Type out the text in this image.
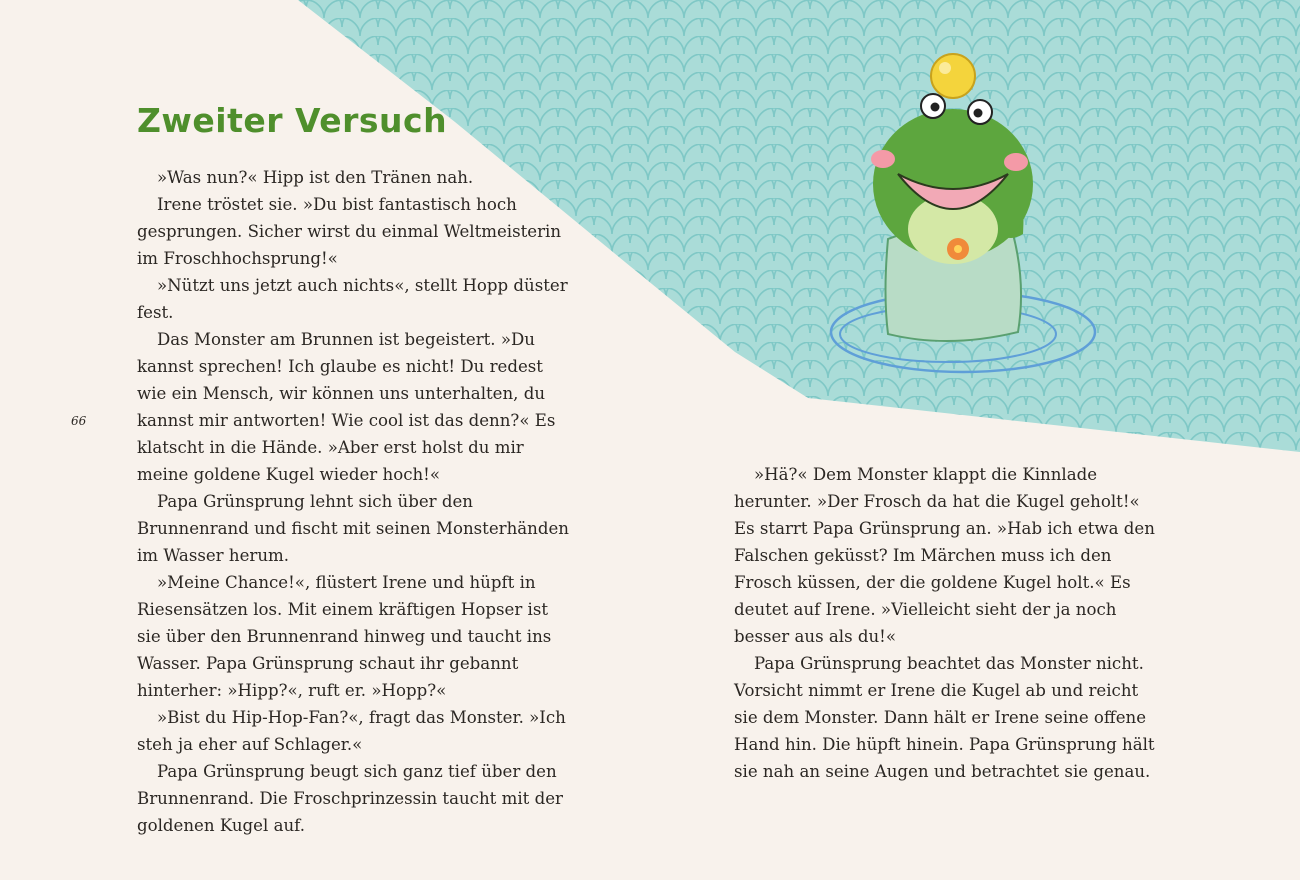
Zweiter Versuch

»Was nun?« Hipp ist den Tränen nah.

Irene tröstet sie. »Du bist fantastisch hoch gesprungen. Sicher wirst du einmal Weltmeisterin im Froschhochsprung!«

»Nützt uns jetzt auch nichts«, stellt Hopp düster fest.

Das Monster am Brunnen ist begeistert. »Du kannst sprechen! Ich glaube es nicht! Du redest wie ein Mensch, wir können uns unterhalten, du kannst mir antworten! Wie cool ist das denn?« Es klatscht in die Hände. »Aber erst holst du mir meine goldene Kugel wieder hoch!«

Papa Grünsprung lehnt sich über den Brunnenrand und fischt mit seinen Monsterhänden im Wasser herum.

»Meine Chance!«, flüstert Irene und hüpft in Riesensätzen los. Mit einem kräftigen Hopser ist sie über den Brunnenrand hinweg und taucht ins Wasser. Papa Grünsprung schaut ihr gebannt hinterher: »Hipp?«, ruft er. »Hopp?«

»Bist du Hip-Hop-Fan?«, fragt das Monster. »Ich steh ja eher auf Schlager.«

Papa Grünsprung beugt sich ganz tief über den Brunnenrand. Die Froschprinzessin taucht mit der goldenen Kugel auf.

66

»Hä?« Dem Monster klappt die Kinnlade herunter. »Der Frosch da hat die Kugel geholt!« Es starrt Papa Grünsprung an. »Hab ich etwa den Falschen geküsst? Im Märchen muss ich den Frosch küssen, der die goldene Kugel holt.« Es deutet auf Irene. »Vielleicht sieht der ja noch besser aus als du!«

Papa Grünsprung beachtet das Monster nicht. Vorsicht nimmt er Irene die Kugel ab und reicht sie dem Monster. Dann hält er Irene seine offene Hand hin. Die hüpft hinein. Papa Grünsprung hält sie nah an seine Augen und betrachtet sie genau.
